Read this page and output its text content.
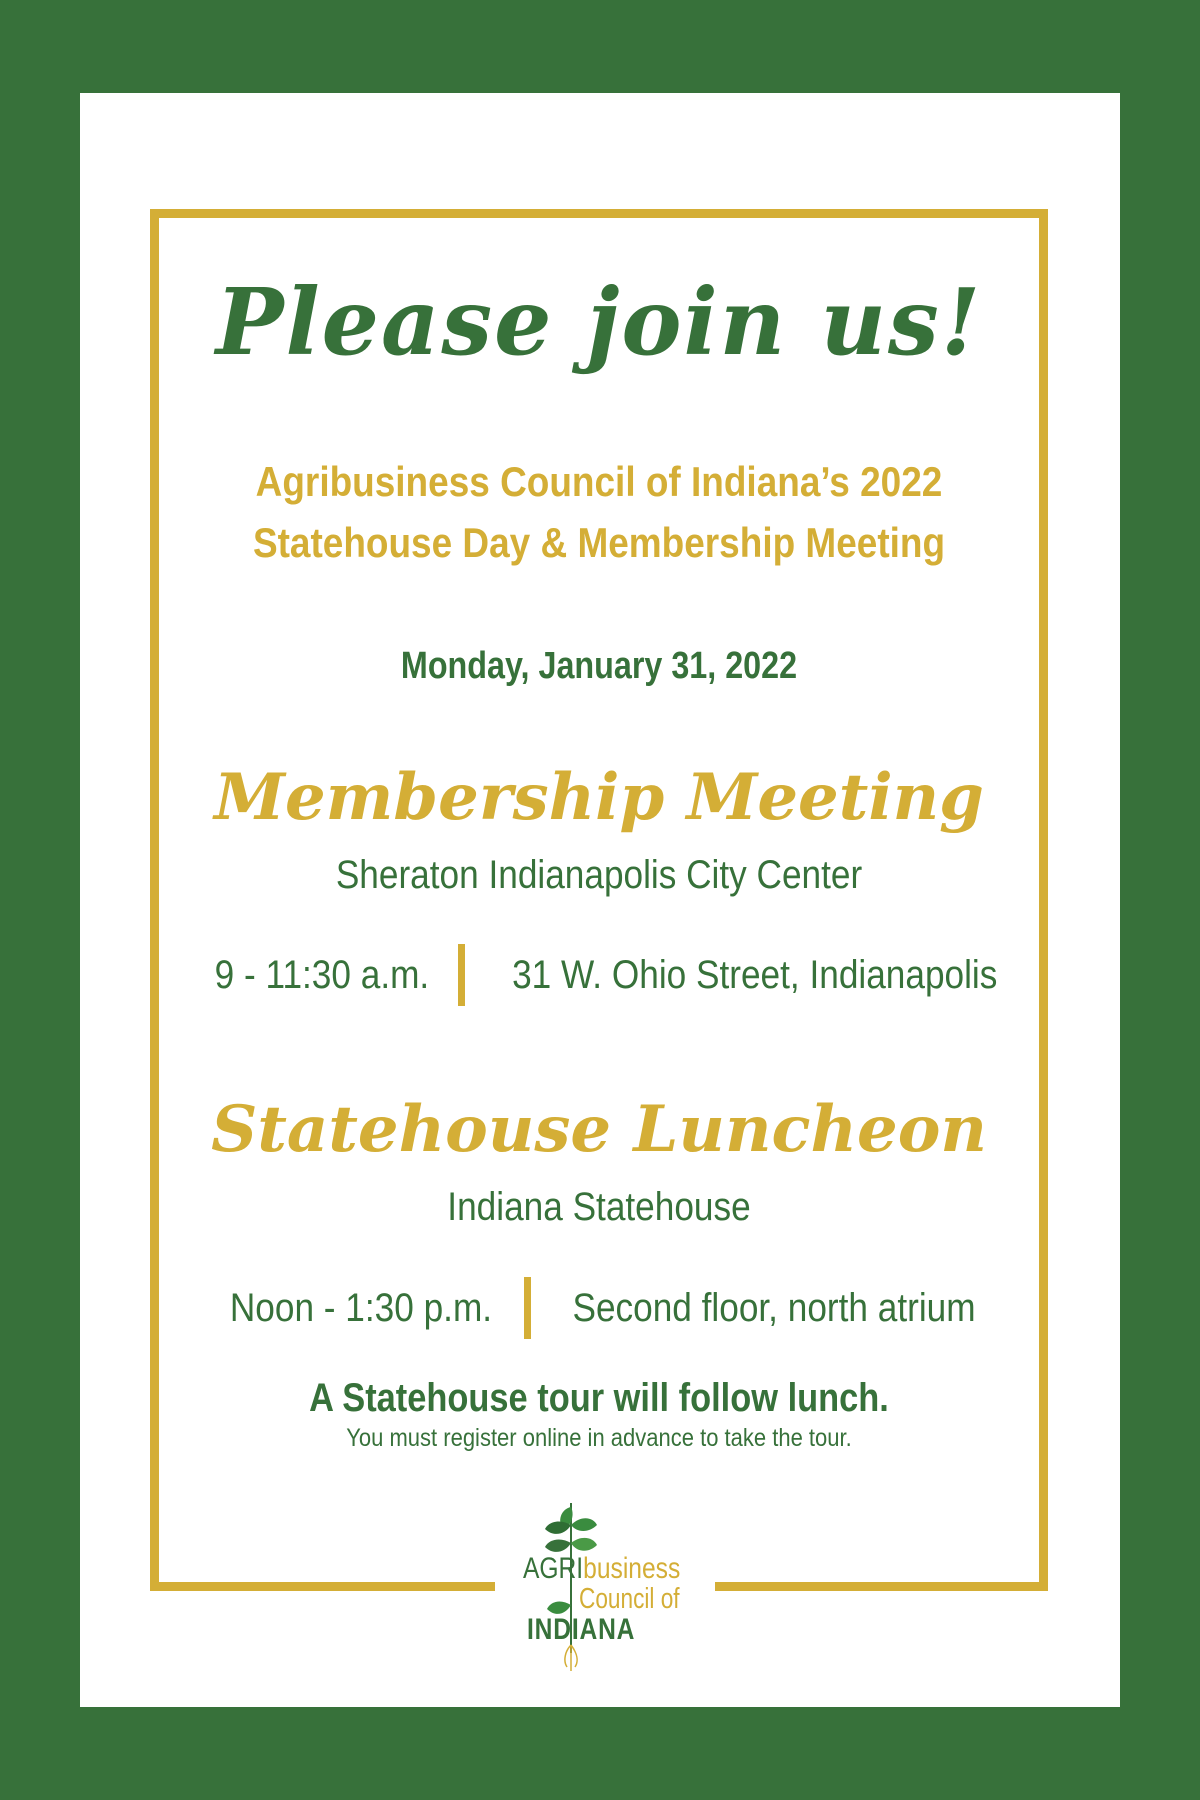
Please join us!
Agribusiness Council of Indiana’s 2022
Statehouse Day & Membership Meeting
Monday, January 31, 2022
Membership Meeting
Sheraton Indianapolis City Center
9 - 11:30 a.m. 31 W. Ohio Street, Indianapolis
Statehouse Luncheon
Indiana Statehouse
Noon - 1:30 p.m. Second floor, north atrium
A Statehouse tour will follow lunch.
You must register online in advance to take the tour.
AGRIbusiness
Council of
INDIANA
